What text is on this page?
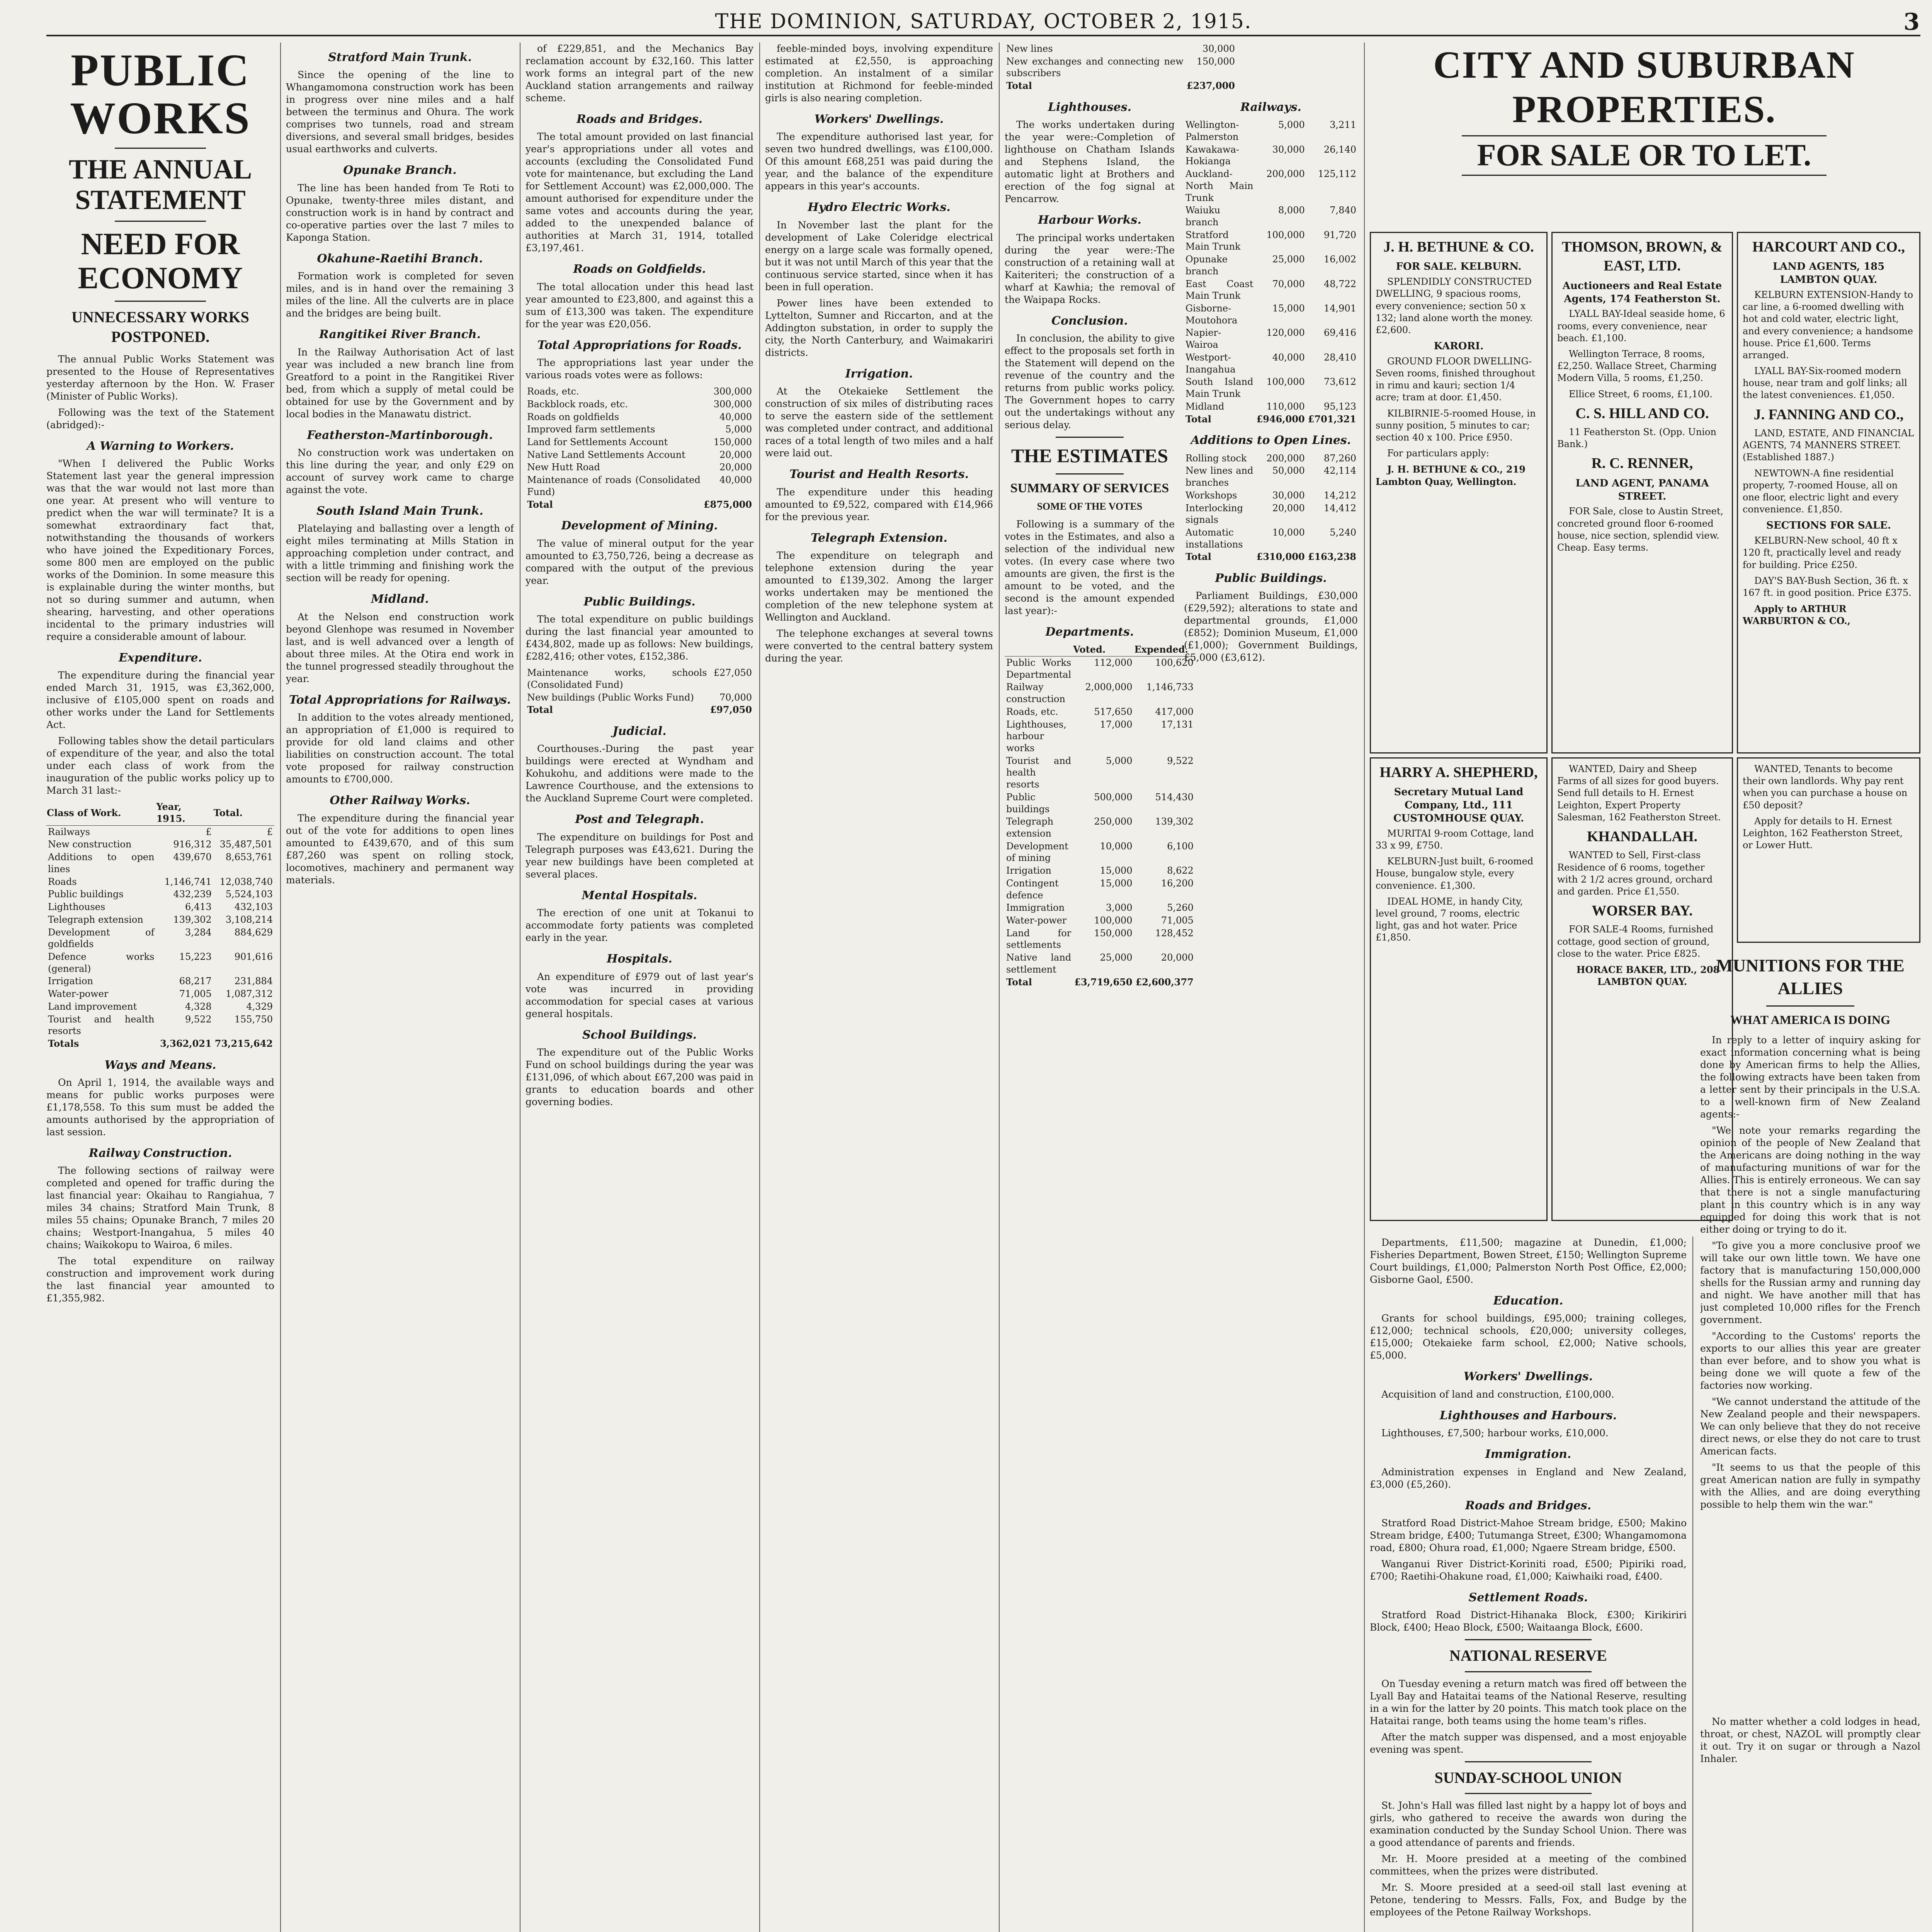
THE DOMINION, SATURDAY, OCTOBER 2, 1915.	3
PUBLIC WORKS
THE ANNUAL STATEMENT
NEED FOR ECONOMY
UNNECESSARY WORKS POSTPONED.

The annual Public Works Statement was presented to the House of Representatives yesterday afternoon by the Hon. W. Fraser (Minister of Public Works).

Following was the text of the Statement (abridged):-

A Warning to Workers.

"When I delivered the Public Works Statement last year the general impression was that the war would not last more than one year. At present who will venture to predict when the war will terminate? It is a somewhat extraordinary fact that, notwithstanding the thousands of workers who have joined the Expeditionary Forces, some 800 men are employed on the public works of the Dominion. In some measure this is explainable during the winter months, but not so during summer and autumn, when shearing, harvesting, and other operations incidental to the primary industries will require a considerable amount of labour.

Expenditure.

The expenditure during the financial year ended March 31, 1915, was £3,362,000, inclusive of £105,000 spent on roads and other works under the Land for Settlements Act.

Following tables show the detail particulars of expenditure of the year, and also the total under each class of work from the inauguration of the public works policy up to March 31 last:-

Class of Work.	Year, 1915.	Total.
Railways	£	£
New construction	916,312	35,487,501
Additions to open lines	439,670	8,653,761
Roads	1,146,741	12,038,740
Public buildings	432,239	5,524,103
Lighthouses	6,413	432,103
Telegraph extension	139,302	3,108,214
Development of goldfields	3,284	884,629
Defence works (general)	15,223	901,616
Irrigation	68,217	231,884
Water-power	71,005	1,087,312
Land improvement	4,328	4,329
Tourist and health resorts	9,522	155,750
Totals	3,362,021	73,215,642
Ways and Means.

On April 1, 1914, the available ways and means for public works purposes were £1,178,558. To this sum must be added the amounts authorised by the appropriation of last session.

Railway Construction.

The following sections of railway were completed and opened for traffic during the last financial year: Okaihau to Rangiahua, 7 miles 34 chains; Stratford Main Trunk, 8 miles 55 chains; Opunake Branch, 7 miles 20 chains; Westport-Inangahua, 5 miles 40 chains; Waikokopu to Wairoa, 6 miles.

The total expenditure on railway construction and improvement work during the last financial year amounted to £1,355,982.

Stratford Main Trunk.

Since the opening of the line to Whangamomona construction work has been in progress over nine miles and a half between the terminus and Ohura. The work comprises two tunnels, road and stream diversions, and several small bridges, besides usual earthworks and culverts.

Opunake Branch.

The line has been handed from Te Roti to Opunake, twenty-three miles distant, and construction work is in hand by contract and co-operative parties over the last 7 miles to Kaponga Station.

Okahune-Raetihi Branch.

Formation work is completed for seven miles, and is in hand over the remaining 3 miles of the line. All the culverts are in place and the bridges are being built.

Rangitikei River Branch.

In the Railway Authorisation Act of last year was included a new branch line from Greatford to a point in the Rangitikei River bed, from which a supply of metal could be obtained for use by the Government and by local bodies in the Manawatu district.

Featherston-Martinborough.

No construction work was undertaken on this line during the year, and only £29 on account of survey work came to charge against the vote.

South Island Main Trunk.

Platelaying and ballasting over a length of eight miles terminating at Mills Station in approaching completion under contract, and with a little trimming and finishing work the section will be ready for opening.

Midland.

At the Nelson end construction work beyond Glenhope was resumed in November last, and is well advanced over a length of about three miles. At the Otira end work in the tunnel progressed steadily throughout the year.

Total Appropriations for Railways.

In addition to the votes already mentioned, an appropriation of £1,000 is required to provide for old land claims and other liabilities on construction account. The total vote proposed for railway construction amounts to £700,000.

Other Railway Works.

The expenditure during the financial year out of the vote for additions to open lines amounted to £439,670, and of this sum £87,260 was spent on rolling stock, locomotives, machinery and permanent way materials.

of £229,851, and the Mechanics Bay reclamation account by £32,160. This latter work forms an integral part of the new Auckland station arrangements and railway scheme.

Roads and Bridges.

The total amount provided on last financial year's appropriations under all votes and accounts (excluding the Consolidated Fund vote for maintenance, but excluding the Land for Settlement Account) was £2,000,000. The amount authorised for expenditure under the same votes and accounts during the year, added to the unexpended balance of authorities at March 31, 1914, totalled £3,197,461.

Roads on Goldfields.

The total allocation under this head last year amounted to £23,800, and against this a sum of £13,300 was taken. The expenditure for the year was £20,056.

Total Appropriations for Roads.

The appropriations last year under the various roads votes were as follows:

Roads, etc.	300,000
Backblock roads, etc.	300,000
Roads on goldfields	40,000
Improved farm settlements	5,000
Land for Settlements Account	150,000
Native Land Settlements Account	20,000
New Hutt Road	20,000
Maintenance of roads (Consolidated Fund)	40,000
Total	£875,000
Development of Mining.

The value of mineral output for the year amounted to £3,750,726, being a decrease as compared with the output of the previous year.

Public Buildings.

The total expenditure on public buildings during the last financial year amounted to £434,802, made up as follows: New buildings, £282,416; other votes, £152,386.

Maintenance works, schools (Consolidated Fund)	£27,050
New buildings (Public Works Fund)	70,000
Total	£97,050
Judicial.

Courthouses.-During the past year buildings were erected at Wyndham and Kohukohu, and additions were made to the Lawrence Courthouse, and the extensions to the Auckland Supreme Court were completed.

Post and Telegraph.

The expenditure on buildings for Post and Telegraph purposes was £43,621. During the year new buildings have been completed at several places.

Mental Hospitals.

The erection of one unit at Tokanui to accommodate forty patients was completed early in the year.

Hospitals.

An expenditure of £979 out of last year's vote was incurred in providing accommodation for special cases at various general hospitals.

School Buildings.

The expenditure out of the Public Works Fund on school buildings during the year was £131,096, of which about £67,200 was paid in grants to education boards and other governing bodies.

feeble-minded boys, involving expenditure estimated at £2,550, is approaching completion. An instalment of a similar institution at Richmond for feeble-minded girls is also nearing completion.

Workers' Dwellings.

The expenditure authorised last year, for seven two hundred dwellings, was £100,000. Of this amount £68,251 was paid during the year, and the balance of the expenditure appears in this year's accounts.

Hydro Electric Works.

In November last the plant for the development of Lake Coleridge electrical energy on a large scale was formally opened, but it was not until March of this year that the continuous service started, since when it has been in full operation.

Power lines have been extended to Lyttelton, Sumner and Riccarton, and at the Addington substation, in order to supply the city, the North Canterbury, and Waimakariri districts.

Irrigation.

At the Otekaieke Settlement the construction of six miles of distributing races to serve the eastern side of the settlement was completed under contract, and additional races of a total length of two miles and a half were laid out.

Tourist and Health Resorts.

The expenditure under this heading amounted to £9,522, compared with £14,966 for the previous year.

Telegraph Extension.

The expenditure on telegraph and telephone extension during the year amounted to £139,302. Among the larger works undertaken may be mentioned the completion of the new telephone system at Wellington and Auckland.

The telephone exchanges at several towns were converted to the central battery system during the year.

New lines	30,000
New exchanges and connecting new subscribers	150,000
Total	£237,000
Lighthouses.

The works undertaken during the year were:-Completion of lighthouse on Chatham Islands and Stephens Island, the automatic light at Brothers and erection of the fog signal at Pencarrow.

Harbour Works.

The principal works undertaken during the year were:-The construction of a retaining wall at Kaiteriteri; the construction of a wharf at Kawhia; the removal of the Waipapa Rocks.

Conclusion.

In conclusion, the ability to give effect to the proposals set forth in the Statement will depend on the revenue of the country and the returns from public works policy. The Government hopes to carry out the undertakings without any serious delay.

THE ESTIMATES
SUMMARY OF SERVICES
SOME OF THE VOTES

Following is a summary of the votes in the Estimates, and also a selection of the individual new votes. (In every case where two amounts are given, the first is the amount to be voted, and the second is the amount expended last year):-

Departments.
	Voted.	Expended.
Public Works Departmental	112,000	100,620
Railway construction	2,000,000	1,146,733
Roads, etc.	517,650	417,000
Lighthouses, harbour works	17,000	17,131
Tourist and health resorts	5,000	9,522
Public buildings	500,000	514,430
Telegraph extension	250,000	139,302
Development of mining	10,000	6,100
Irrigation	15,000	8,622
Contingent defence	15,000	16,200
Immigration	3,000	5,260
Water-power	100,000	71,005
Land for settlements	150,000	128,452
Native land settlement	25,000	20,000
Total	£3,719,650	£2,600,377
Railways.
Wellington-Palmerston	5,000	3,211
Kawakawa-Hokianga	30,000	26,140
Auckland-North Main Trunk	200,000	125,112
Waiuku branch	8,000	7,840
Stratford Main Trunk	100,000	91,720
Opunake branch	25,000	16,002
East Coast Main Trunk	70,000	48,722
Gisborne-Moutohora	15,000	14,901
Napier-Wairoa	120,000	69,416
Westport-Inangahua	40,000	28,410
South Island Main Trunk	100,000	73,612
Midland	110,000	95,123
Total	£946,000	£701,321
Additions to Open Lines.
Rolling stock	200,000	87,260
New lines and branches	50,000	42,114
Workshops	30,000	14,212
Interlocking signals	20,000	14,412
Automatic installations	10,000	5,240
Total	£310,000	£163,238
Public Buildings.

Parliament Buildings, £30,000 (£29,592); alterations to state and departmental grounds, £1,000 (£852); Dominion Museum, £1,000 (£1,000); Government Buildings, £5,000 (£3,612).

CITY AND SUBURBAN PROPERTIES.
FOR SALE OR TO LET.
J. H. BETHUNE & CO.
FOR SALE. KELBURN.

SPLENDIDLY CONSTRUCTED DWELLING, 9 spacious rooms, every convenience; section 50 x 132; land alone worth the money. £2,600.

KARORI.

GROUND FLOOR DWELLING-Seven rooms, finished throughout in rimu and kauri; section 1/4 acre; tram at door. £1,450.

KILBIRNIE-5-roomed House, in sunny position, 5 minutes to car; section 40 x 100. Price £950.

For particulars apply:

J. H. BETHUNE & CO., 219 Lambton Quay, Wellington.

THOMSON, BROWN, & EAST, LTD.
Auctioneers and Real Estate Agents, 174 Featherston St.

LYALL BAY-Ideal seaside home, 6 rooms, every convenience, near beach. £1,100.

Wellington Terrace, 8 rooms, £2,250. Wallace Street, Charming Modern Villa, 5 rooms, £1,250.

Ellice Street, 6 rooms, £1,100.

C. S. HILL AND CO.

11 Featherston St. (Opp. Union Bank.)

R. C. RENNER,
LAND AGENT, PANAMA STREET.

FOR Sale, close to Austin Street, concreted ground floor 6-roomed house, nice section, splendid view. Cheap. Easy terms.

HARCOURT AND CO.,
LAND AGENTS, 185 LAMBTON QUAY.

KELBURN EXTENSION-Handy to car line, a 6-roomed dwelling with hot and cold water, electric light, and every convenience; a handsome house. Price £1,600. Terms arranged.

LYALL BAY-Six-roomed modern house, near tram and golf links; all the latest conveniences. £1,050.

J. FANNING AND CO.,

LAND, ESTATE, AND FINANCIAL AGENTS, 74 MANNERS STREET. (Established 1887.)

NEWTOWN-A fine residential property, 7-roomed House, all on one floor, electric light and every convenience. £1,850.

SECTIONS FOR SALE.

KELBURN-New school, 40 ft x 120 ft, practically level and ready for building. Price £250.

DAY'S BAY-Bush Section, 36 ft. x 167 ft. in good position. Price £375.

Apply to ARTHUR WARBURTON & CO.,

HARRY A. SHEPHERD,
Secretary Mutual Land Company, Ltd., 111 CUSTOMHOUSE QUAY.

MURITAI 9-room Cottage, land 33 x 99, £750.

KELBURN-Just built, 6-roomed House, bungalow style, every convenience. £1,300.

IDEAL HOME, in handy City, level ground, 7 rooms, electric light, gas and hot water. Price £1,850.

WANTED, Dairy and Sheep Farms of all sizes for good buyers. Send full details to H. Ernest Leighton, Expert Property Salesman, 162 Featherston Street.

KHANDALLAH.

WANTED to Sell, First-class Residence of 6 rooms, together with 2 1/2 acres ground, orchard and garden. Price £1,550.

WORSER BAY.

FOR SALE-4 Rooms, furnished cottage, good section of ground, close to the water. Price £825.

HORACE BAKER, LTD., 208 LAMBTON QUAY.

WANTED, Tenants to become their own landlords. Why pay rent when you can purchase a house on £50 deposit?

Apply for details to H. Ernest Leighton, 162 Featherston Street, or Lower Hutt.

MUNITIONS FOR THE ALLIES
WHAT AMERICA IS DOING

In reply to a letter of inquiry asking for exact information concerning what is being done by American firms to help the Allies, the following extracts have been taken from a letter sent by their principals in the U.S.A. to a well-known firm of New Zealand agents:-

"We note your remarks regarding the opinion of the people of New Zealand that the Americans are doing nothing in the way of manufacturing munitions of war for the Allies. This is entirely erroneous. We can say that there is not a single manufacturing plant in this country which is in any way equipped for doing this work that is not either doing or trying to do it.

"To give you a more conclusive proof we will take our own little town. We have one factory that is manufacturing 150,000,000 shells for the Russian army and running day and night. We have another mill that has just completed 10,000 rifles for the French government.

"According to the Customs' reports the exports to our allies this year are greater than ever before, and to show you what is being done we will quote a few of the factories now working.

"We cannot understand the attitude of the New Zealand people and their newspapers. We can only believe that they do not receive direct news, or else they do not care to trust American facts.

"It seems to us that the people of this great American nation are fully in sympathy with the Allies, and are doing everything possible to help them win the war."

No matter whether a cold lodges in head, throat, or chest, NAZOL will promptly clear it out. Try it on sugar or through a Nazol Inhaler.

Departments, £11,500; magazine at Dunedin, £1,000; Fisheries Department, Bowen Street, £150; Wellington Supreme Court buildings, £1,000; Palmerston North Post Office, £2,000; Gisborne Gaol, £500.

Education.

Grants for school buildings, £95,000; training colleges, £12,000; technical schools, £20,000; university colleges, £15,000; Otekaieke farm school, £2,000; Native schools, £5,000.

Workers' Dwellings.

Acquisition of land and construction, £100,000.

Lighthouses and Harbours.

Lighthouses, £7,500; harbour works, £10,000.

Immigration.

Administration expenses in England and New Zealand, £3,000 (£5,260).

Roads and Bridges.

Stratford Road District-Mahoe Stream bridge, £500; Makino Stream bridge, £400; Tutumanga Street, £300; Whangamomona road, £800; Ohura road, £1,000; Ngaere Stream bridge, £500.

Wanganui River District-Koriniti road, £500; Pipiriki road, £700; Raetihi-Ohakune road, £1,000; Kaiwhaiki road, £400.

Settlement Roads.

Stratford Road District-Hihanaka Block, £300; Kirikiriri Block, £400; Heao Block, £500; Waitaanga Block, £600.

NATIONAL RESERVE

On Tuesday evening a return match was fired off between the Lyall Bay and Hataitai teams of the National Reserve, resulting in a win for the latter by 20 points. This match took place on the Hataitai range, both teams using the home team's rifles.

After the match supper was dispensed, and a most enjoyable evening was spent.

SUNDAY-SCHOOL UNION

St. John's Hall was filled last night by a happy lot of boys and girls, who gathered to receive the awards won during the examination conducted by the Sunday School Union. There was a good attendance of parents and friends.

Mr. H. Moore presided at a meeting of the combined committees, when the prizes were distributed.

Mr. S. Moore presided at a seed-oil stall last evening at Petone, tendering to Messrs. Falls, Fox, and Budge by the employees of the Petone Railway Workshops.
